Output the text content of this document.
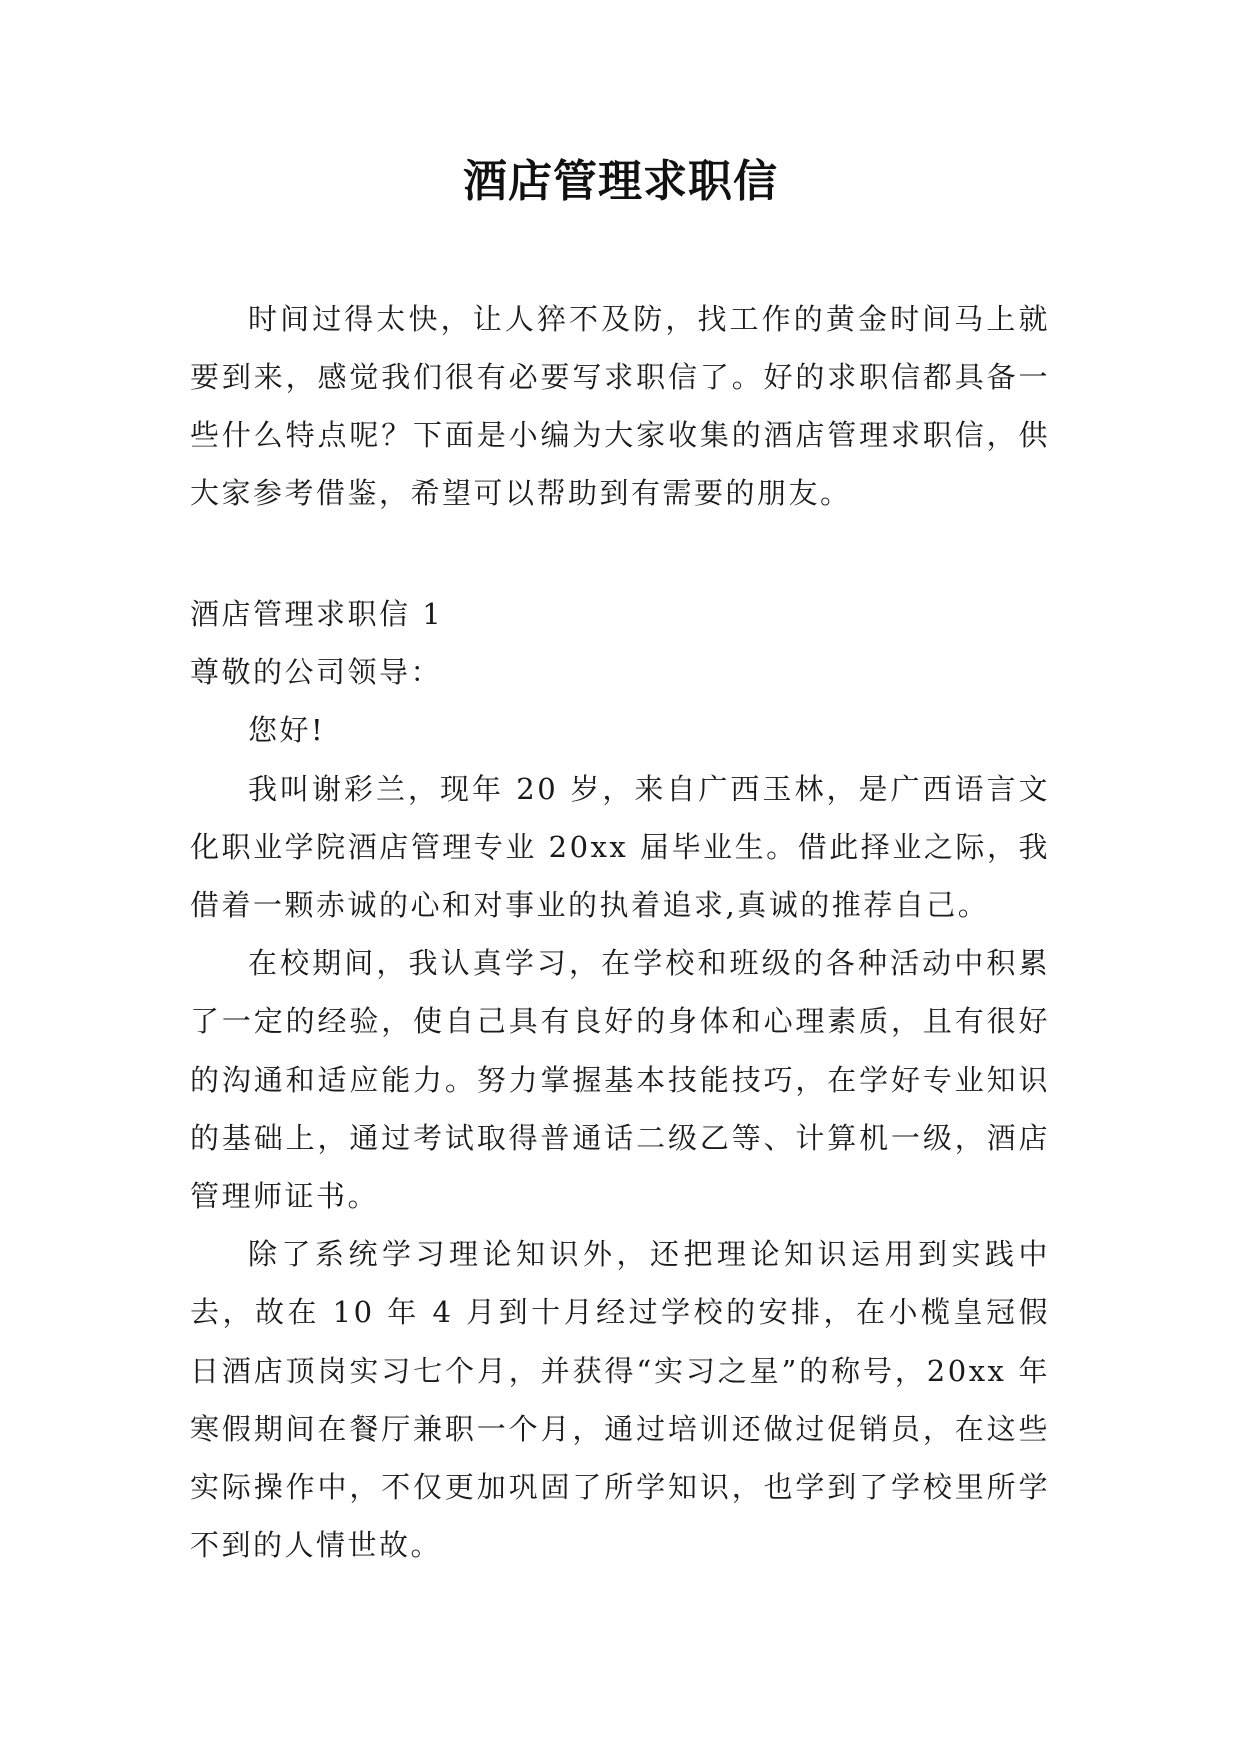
酒店管理求职信

时间过得太快，让人猝不及防，找工作的黄金时间马上就要到来，感觉我们很有必要写求职信了。好的求职信都具备一些什么特点呢？下面是小编为大家收集的酒店管理求职信，供大家参考借鉴，希望可以帮助到有需要的朋友。

酒店管理求职信 1

尊敬的公司领导：

您好!

我叫谢彩兰，现年 20 岁，来自广西玉林，是广西语言文化职业学院酒店管理专业 20xx 届毕业生。借此择业之际，我借着一颗赤诚的心和对事业的执着追求,真诚的推荐自己。

在校期间，我认真学习，在学校和班级的各种活动中积累了一定的经验，使自己具有良好的身体和心理素质，且有很好的沟通和适应能力。努力掌握基本技能技巧，在学好专业知识的基础上，通过考试取得普通话二级乙等、计算机一级，酒店管理师证书。

除了系统学习理论知识外，还把理论知识运用到实践中去，故在 10 年 4 月到十月经过学校的安排，在小榄皇冠假日酒店顶岗实习七个月，并获得“实习之星”的称号，20xx 年寒假期间在餐厅兼职一个月，通过培训还做过促销员，在这些实际操作中，不仅更加巩固了所学知识，也学到了学校里所学不到的人情世故。
